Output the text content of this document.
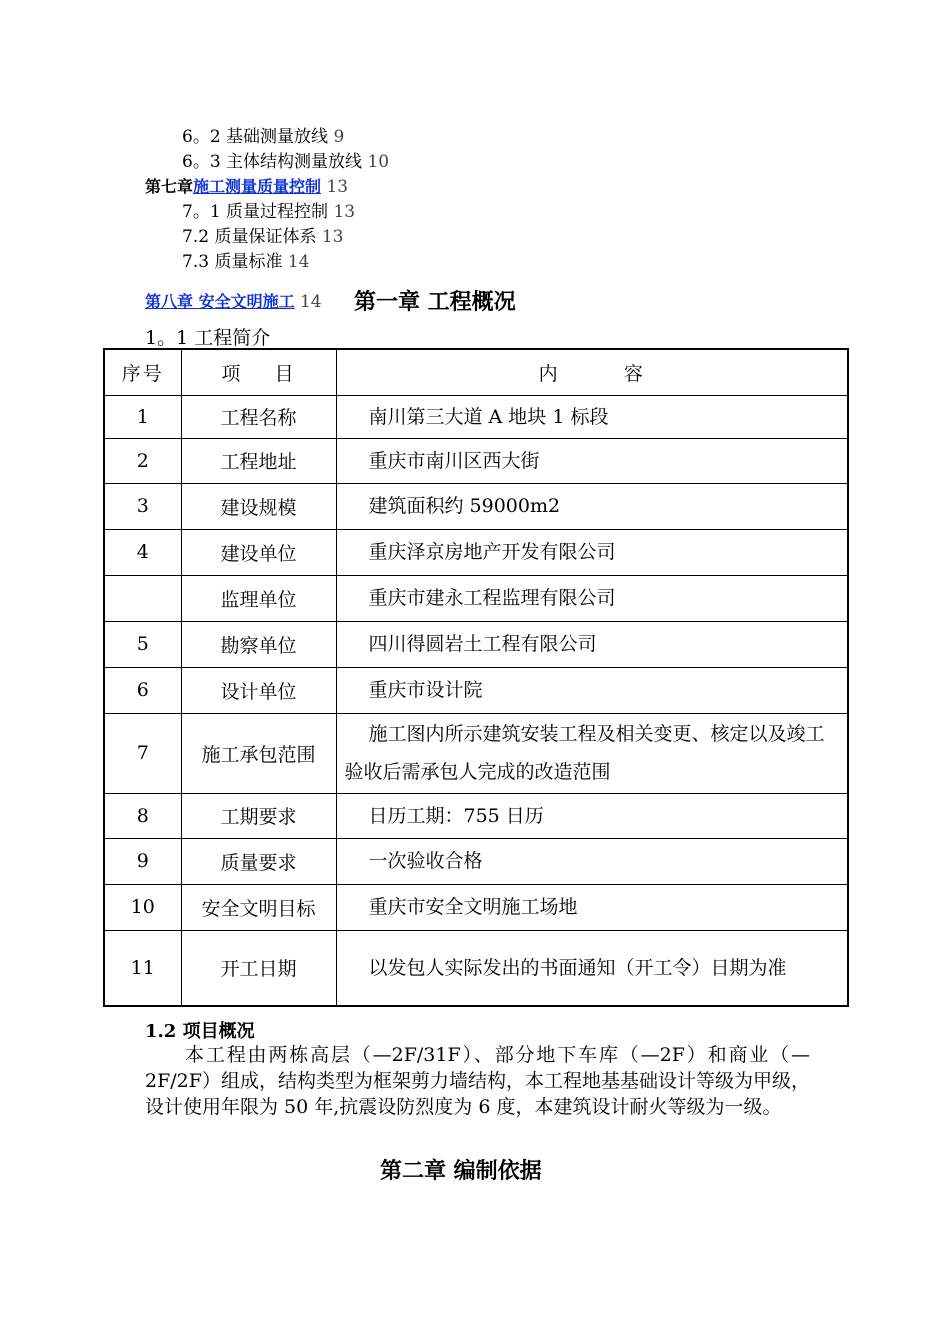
6。2 基础测量放线 9
6。3 主体结构测量放线 10
第七章施工测量质量控制 13
7。1 质量过程控制 13
7.2 质量保证体系 13
7.3 质量标准 14
第八章 安全文明施工 14 第一章 工程概况
1。1 工程简介
序号	项    目	内        容
1	工程名称	南川第三大道 A 地块 1 标段
2	工程地址	重庆市南川区西大街
3	建设规模	建筑面积约 59000m2
4	建设单位	重庆泽京房地产开发有限公司
	监理单位	重庆市建永工程监理有限公司
5	勘察单位	四川得圆岩土工程有限公司
6	设计单位	重庆市设计院
7	施工承包范围	施工图内所示建筑安装工程及相关变更、核定以及竣工验收后需承包人完成的改造范围
8	工期要求	日历工期：755 日历
9	质量要求	一次验收合格
10	安全文明目标	重庆市安全文明施工场地
11	开工日期	以发包人实际发出的书面通知（开工令）日期为准
1.2 项目概况
本工程由两栋高层（—2F/31F）、部分地下车库（—2F）和商业（—2F/2F）组成，结构类型为框架剪力墙结构，本工程地基基础设计等级为甲级，设计使用年限为 50 年,抗震设防烈度为 6 度，本建筑设计耐火等级为一级。
第二章 编制依据
